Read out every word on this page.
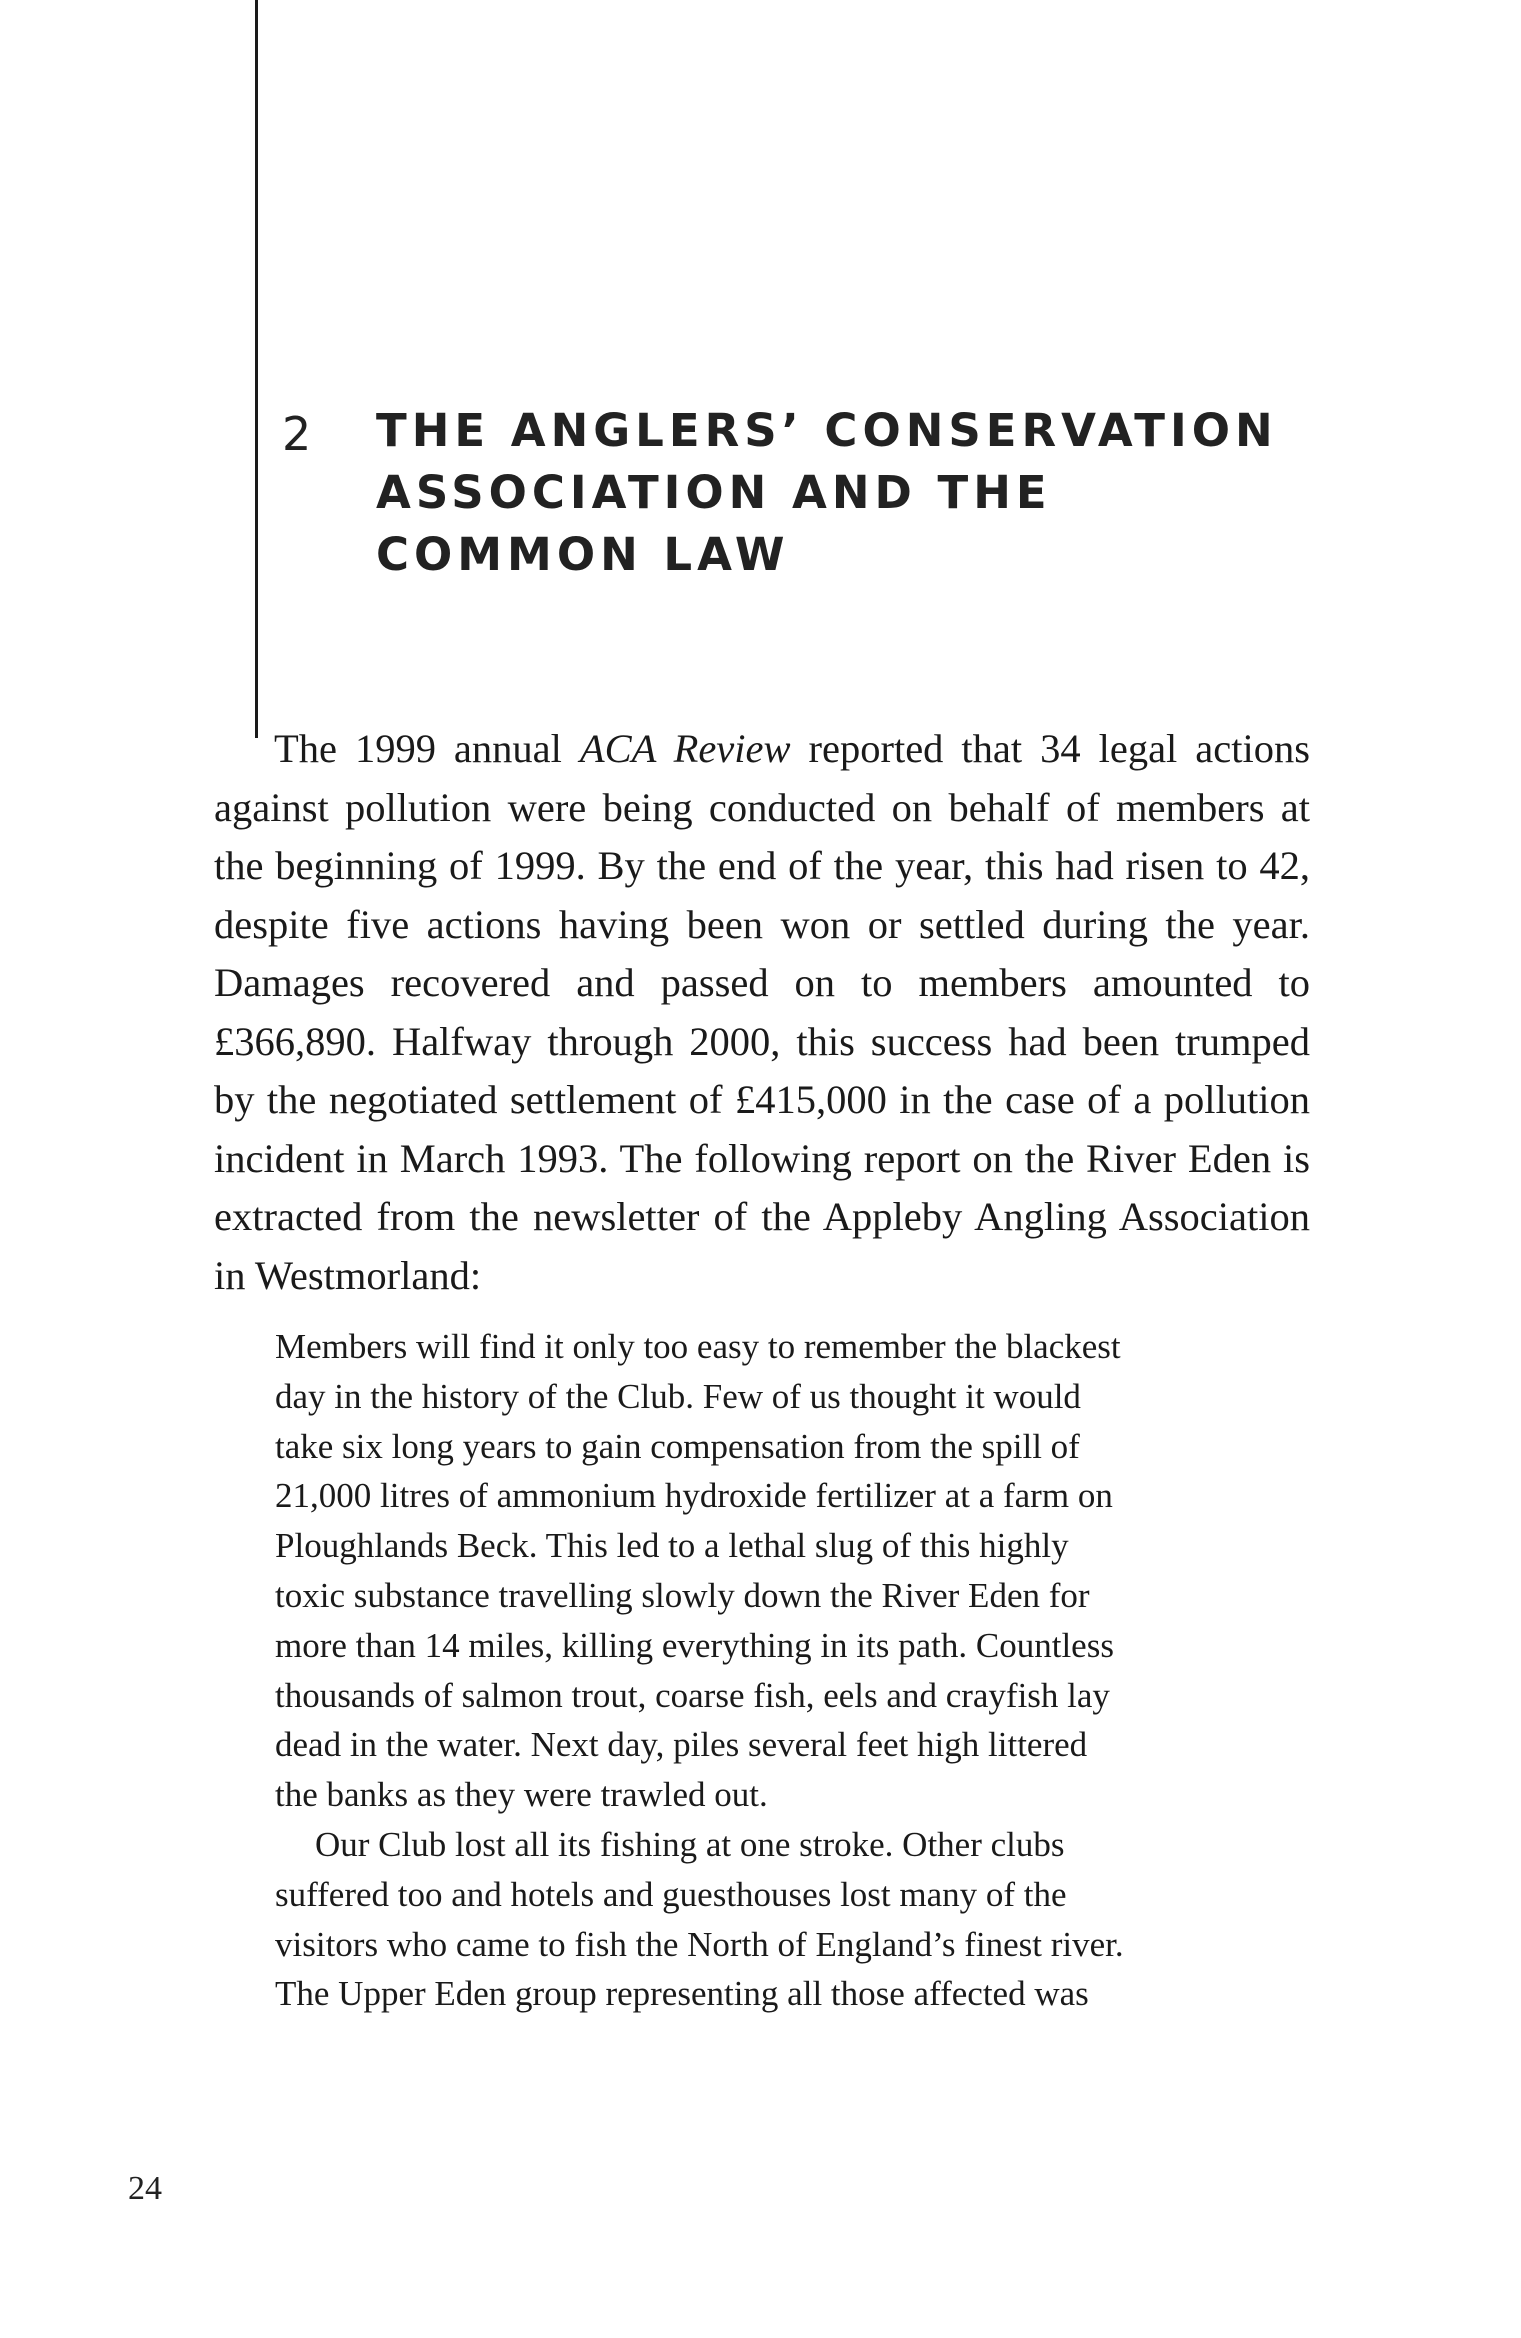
2 THE ANGLERS’ CONSERVATION
ASSOCIATION AND THE
COMMON LAW
The 1999 annual ACA Review reported that 34 legal actions
against pollution were being conducted on behalf of members at
the beginning of 1999. By the end of the year, this had risen to 42,
despite five actions having been won or settled during the year.
Damages recovered and passed on to members amounted to
£366,890. Halfway through 2000, this success had been trumped
by the negotiated settlement of £415,000 in the case of a pollution
incident in March 1993. The following report on the River Eden is
extracted from the newsletter of the Appleby Angling Association
in Westmorland:
Members will find it only too easy to remember the blackest
day in the history of the Club. Few of us thought it would
take six long years to gain compensation from the spill of
21,000 litres of ammonium hydroxide fertilizer at a farm on
Ploughlands Beck. This led to a lethal slug of this highly
toxic substance travelling slowly down the River Eden for
more than 14 miles, killing everything in its path. Countless
thousands of salmon trout, coarse fish, eels and crayfish lay
dead in the water. Next day, piles several feet high littered
the banks as they were trawled out.
Our Club lost all its fishing at one stroke. Other clubs
suffered too and hotels and guesthouses lost many of the
visitors who came to fish the North of England’s finest river.
The Upper Eden group representing all those affected was
24
